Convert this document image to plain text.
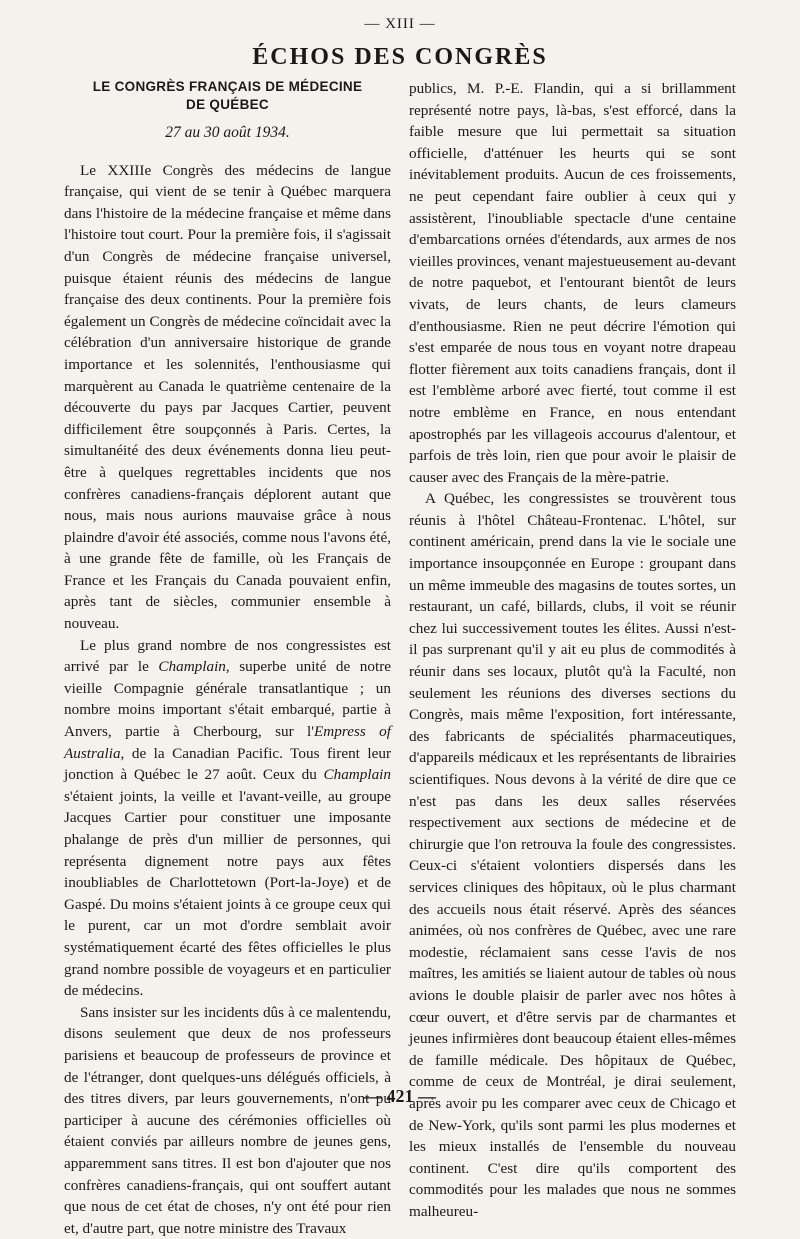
— XIII —
ÉCHOS DES CONGRÈS
LE CONGRÈS FRANÇAIS DE MÉDECINE
DE QUÉBEC
27 au 30 août 1934.

Le XXIIIe Congrès des médecins de langue française, qui vient de se tenir à Québec marquera dans l'histoire de la médecine française et même dans l'histoire tout court. Pour la première fois, il s'agissait d'un Congrès de médecine française universel, puisque étaient réunis des médecins de langue française des deux continents. Pour la première fois également un Congrès de médecine coïncidait avec la célébration d'un anniversaire historique de grande importance et les solennités, l'enthousiasme qui marquèrent au Canada le quatrième centenaire de la découverte du pays par Jacques Cartier, peuvent difficilement être soupçonnés à Paris. Certes, la simultanéité des deux événements donna lieu peut-être à quelques regrettables incidents que nos confrères canadiens-français déplorent autant que nous, mais nous aurions mauvaise grâce à nous plaindre d'avoir été associés, comme nous l'avons été, à une grande fête de famille, où les Français de France et les Français du Canada pouvaient enfin, après tant de siècles, communier ensemble à nouveau.

Le plus grand nombre de nos congressistes est arrivé par le Champlain, superbe unité de notre vieille Compagnie générale transatlantique ; un nombre moins important s'était embarqué, partie à Anvers, partie à Cherbourg, sur l'Empress of Australia, de la Canadian Pacific. Tous firent leur jonction à Québec le 27 août. Ceux du Champlain s'étaient joints, la veille et l'avant-veille, au groupe Jacques Cartier pour constituer une imposante phalange de près d'un millier de personnes, qui représenta dignement notre pays aux fêtes inoubliables de Charlottetown (Port-la-Joye) et de Gaspé. Du moins s'étaient joints à ce groupe ceux qui le purent, car un mot d'ordre semblait avoir systématiquement écarté des fêtes officielles le plus grand nombre possible de voyageurs et en particulier de médecins.

Sans insister sur les incidents dûs à ce malentendu, disons seulement que deux de nos professeurs parisiens et beaucoup de professeurs de province et de l'étranger, dont quelques-uns délégués officiels, à des titres divers, par leurs gouvernements, n'ont pu participer à aucune des cérémonies officielles où étaient conviés par ailleurs nombre de jeunes gens, apparemment sans titres. Il est bon d'ajouter que nos confrères canadiens-français, qui ont souffert autant que nous de cet état de choses, n'y ont été pour rien et, d'autre part, que notre ministre des Travaux

publics, M. P.-E. Flandin, qui a si brillamment représenté notre pays, là-bas, s'est efforcé, dans la faible mesure que lui permettait sa situation officielle, d'atténuer les heurts qui se sont inévitablement produits. Aucun de ces froissements, ne peut cependant faire oublier à ceux qui y assistèrent, l'inoubliable spectacle d'une centaine d'embarcations ornées d'étendards, aux armes de nos vieilles provinces, venant majestueusement au-devant de notre paquebot, et l'entourant bientôt de leurs vivats, de leurs chants, de leurs clameurs d'enthousiasme. Rien ne peut décrire l'émotion qui s'est emparée de nous tous en voyant notre drapeau flotter fièrement aux toits canadiens français, dont il est l'emblème arboré avec fierté, tout comme il est notre emblème en France, en nous entendant apostrophés par les villageois accourus d'alentour, et parfois de très loin, rien que pour avoir le plaisir de causer avec des Français de la mère-patrie.

A Québec, les congressistes se trouvèrent tous réunis à l'hôtel Château-Frontenac. L'hôtel, sur continent américain, prend dans la vie le sociale une importance insoupçonnée en Europe : groupant dans un même immeuble des magasins de toutes sortes, un restaurant, un café, billards, clubs, il voit se réunir chez lui successivement toutes les élites. Aussi n'est-il pas surprenant qu'il y ait eu plus de commodités à réunir dans ses locaux, plutôt qu'à la Faculté, non seulement les réunions des diverses sections du Congrès, mais même l'exposition, fort intéressante, des fabricants de spécialités pharmaceutiques, d'appareils médicaux et les représentants de librairies scientifiques. Nous devons à la vérité de dire que ce n'est pas dans les deux salles réservées respectivement aux sections de médecine et de chirurgie que l'on retrouva la foule des congressistes. Ceux-ci s'étaient volontiers dispersés dans les services cliniques des hôpitaux, où le plus charmant des accueils nous était réservé. Après des séances animées, où nos confrères de Québec, avec une rare modestie, réclamaient sans cesse l'avis de nos maîtres, les amitiés se liaient autour de tables où nous avions le double plaisir de parler avec nos hôtes à cœur ouvert, et d'être servis par de charmantes et jeunes infirmières dont beaucoup étaient elles-mêmes de famille médicale. Des hôpitaux de Québec, comme de ceux de Montréal, je dirai seulement, après avoir pu les comparer avec ceux de Chicago et de New-York, qu'ils sont parmi les plus modernes et les mieux installés de l'ensemble du nouveau continent. C'est dire qu'ils comportent des commodités pour les malades que nous ne sommes malheureu-

— 421 —
